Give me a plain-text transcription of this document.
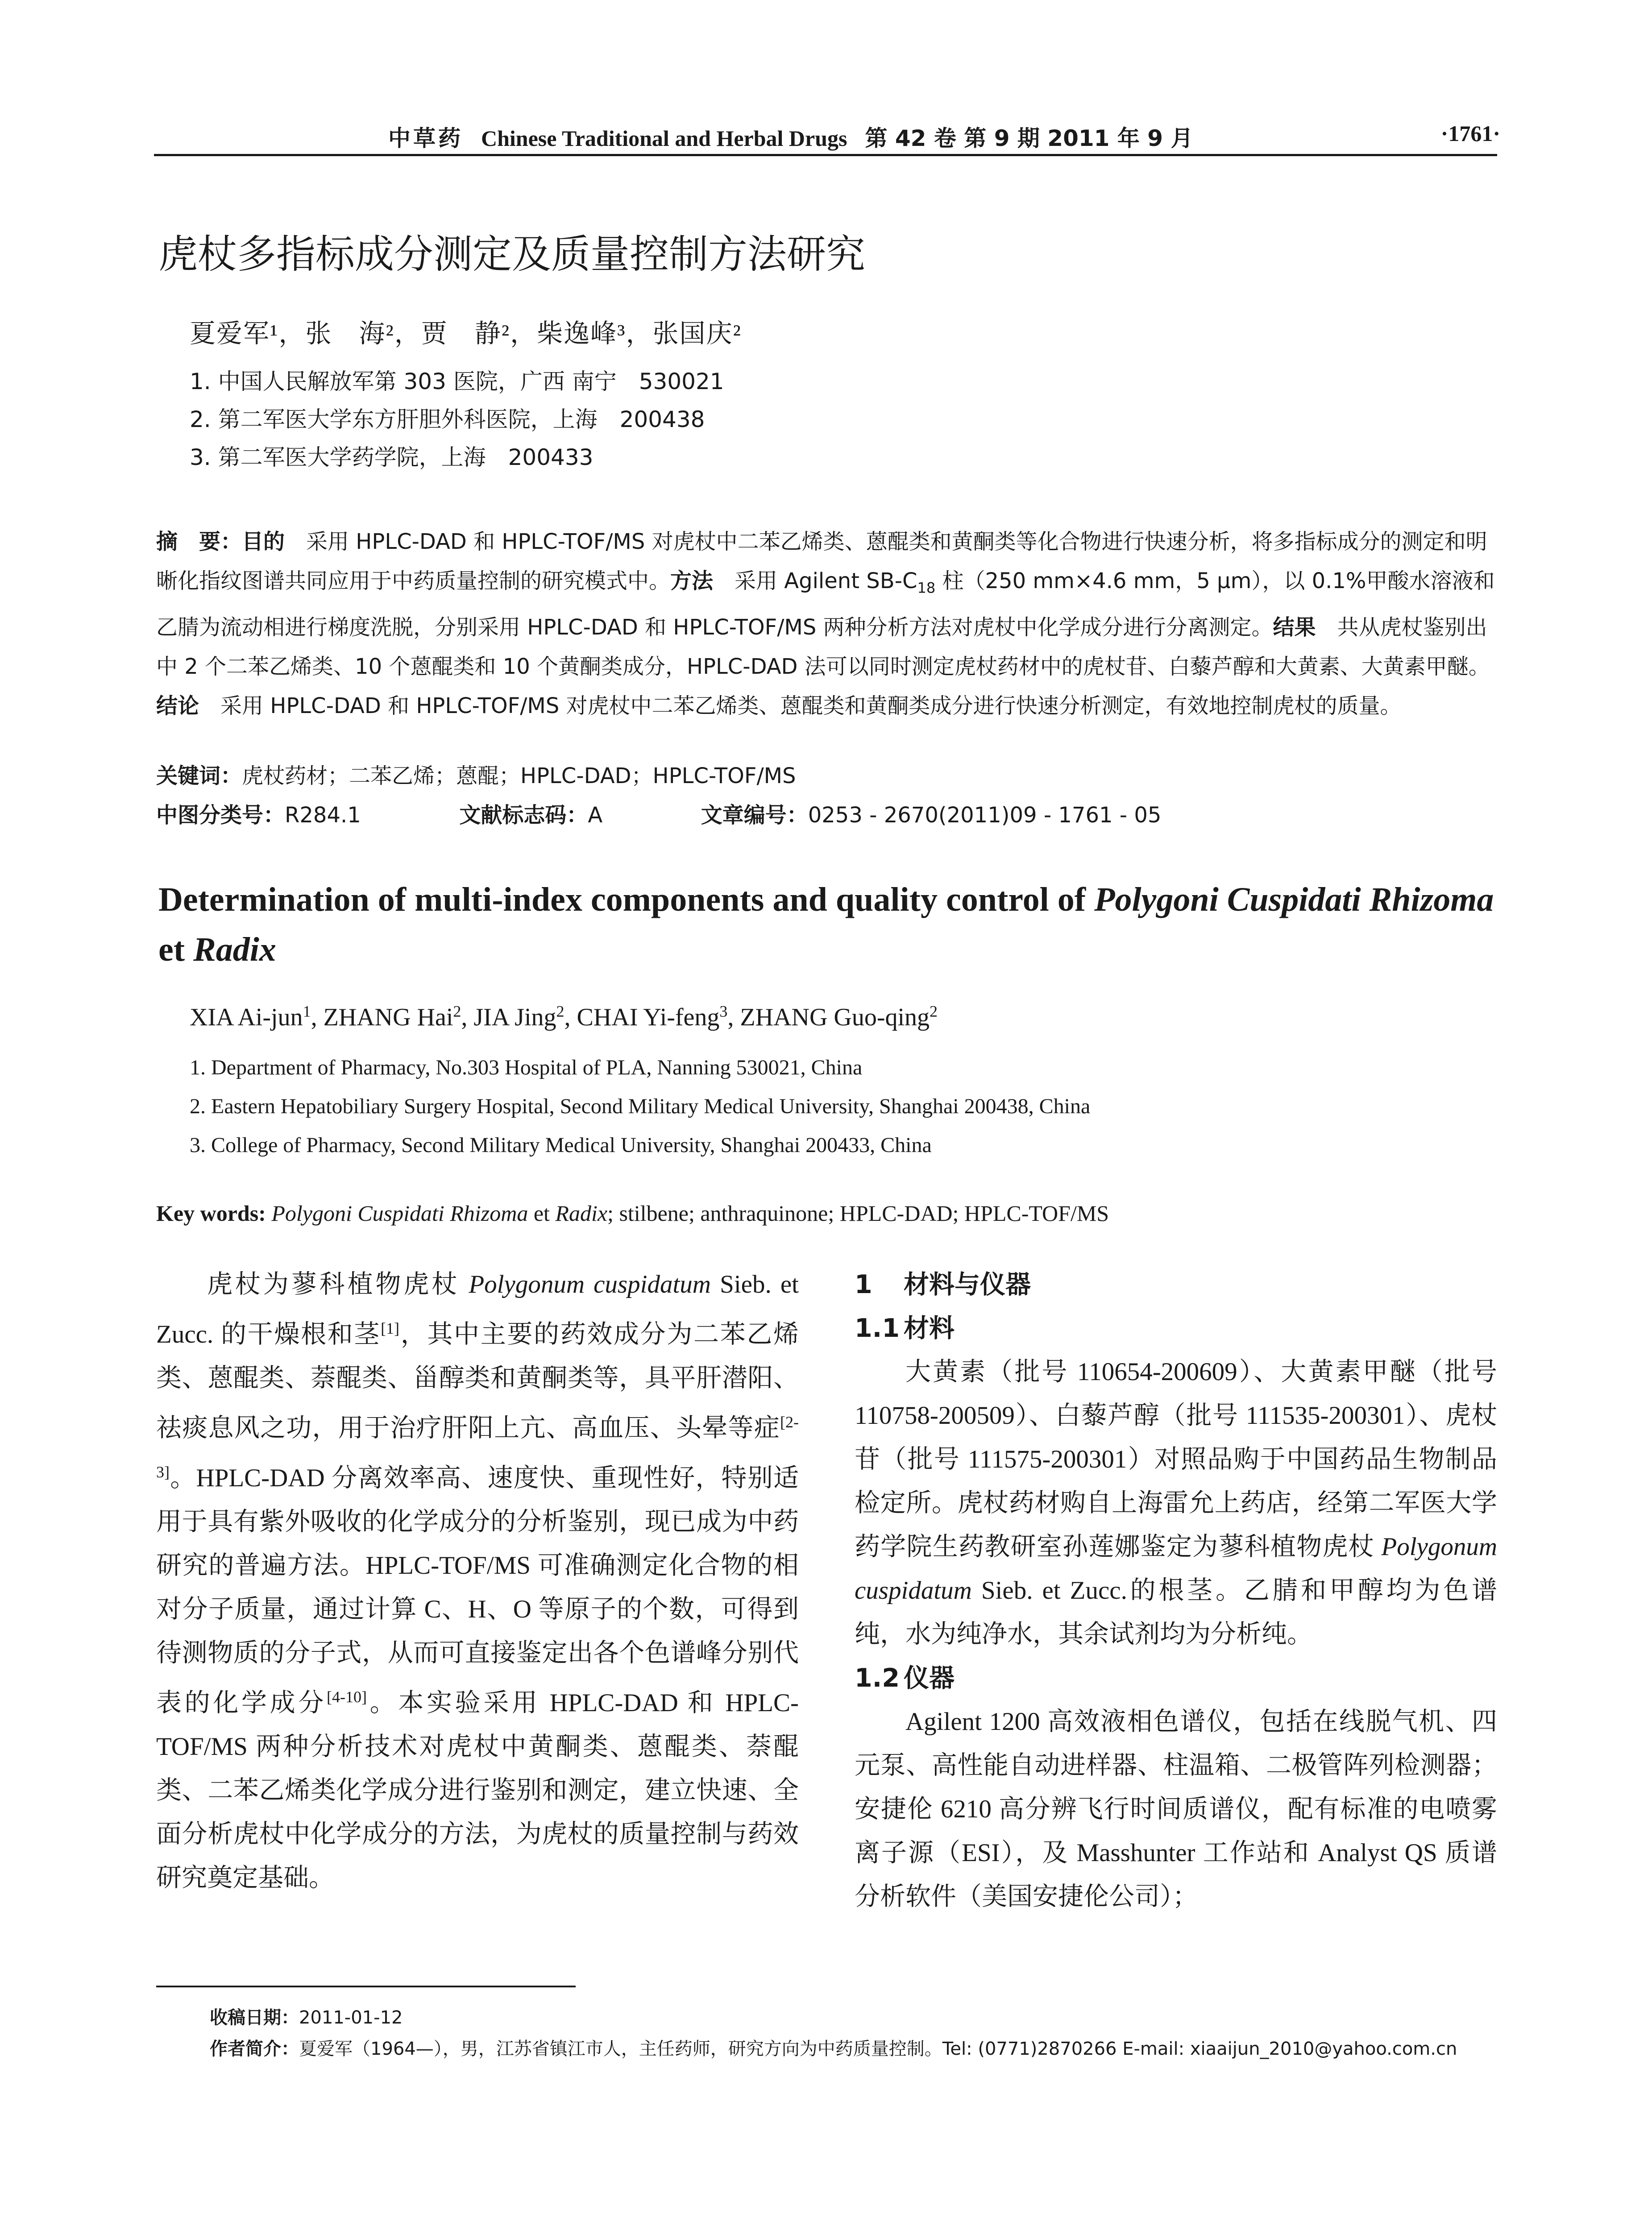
中草药 Chinese Traditional and Herbal Drugs 第 42 卷 第 9 期 2011 年 9 月	·1761·
虎杖多指标成分测定及质量控制方法研究
夏爱军¹，张　海²，贾　静²，柴逸峰³，张国庆²
1. 中国人民解放军第 303 医院，广西 南宁　530021
2. 第二军医大学东方肝胆外科医院，上海　200438
3. 第二军医大学药学院，上海　200433
摘　要：目的　采用 HPLC-DAD 和 HPLC-TOF/MS 对虎杖中二苯乙烯类、蒽醌类和黄酮类等化合物进行快速分析，将多指标成分的测定和明晰化指纹图谱共同应用于中药质量控制的研究模式中。方法　采用 Agilent $SB-C_{18}$ 柱（250 mm×4.6 mm，5 μm），以 0.1%甲酸水溶液和乙腈为流动相进行梯度洗脱，分别采用 HPLC-DAD 和 HPLC-TOF/MS 两种分析方法对虎杖中化学成分进行分离测定。结果　共从虎杖鉴别出中 2 个二苯乙烯类、10 个蒽醌类和 10 个黄酮类成分，HPLC-DAD 法可以同时测定虎杖药材中的虎杖苷、白藜芦醇和大黄素、大黄素甲醚。结论　采用 HPLC-DAD 和 HPLC-TOF/MS 对虎杖中二苯乙烯类、蒽醌类和黄酮类成分进行快速分析测定，有效地控制虎杖的质量。
关键词：虎杖药材；二苯乙烯；蒽醌；HPLC-DAD；HPLC-TOF/MS
中图分类号：R284.1	文献标志码：A	文章编号：0253 - 2670(2011)09 - 1761 - 05
Determination of multi-index components and quality control of Polygoni Cuspidati Rhizoma et Radix
XIA Ai-jun$^1$, ZHANG Hai$^2$, JIA Jing$^2$, CHAI Yi-feng$^3$, ZHANG Guo-qing$^2$
1. Department of Pharmacy, No.303 Hospital of PLA, Nanning 530021, China
2. Eastern Hepatobiliary Surgery Hospital, Second Military Medical University, Shanghai 200438, China
3. College of Pharmacy, Second Military Medical University, Shanghai 200433, China
Key words: Polygoni Cuspidati Rhizoma et Radix; stilbene; anthraquinone; HPLC-DAD; HPLC-TOF/MS

虎杖为蓼科植物虎杖 Polygonum cuspidatum Sieb. et Zucc. 的干燥根和茎[1]，其中主要的药效成分为二苯乙烯类、蒽醌类、萘醌类、甾醇类和黄酮类等，具平肝潜阳、祛痰息风之功，用于治疗肝阳上亢、高血压、头晕等症[2-3]。HPLC-DAD 分离效率高、速度快、重现性好，特别适用于具有紫外吸收的化学成分的分析鉴别，现已成为中药研究的普遍方法。HPLC-TOF/MS 可准确测定化合物的相对分子质量，通过计算 C、H、O 等原子的个数，可得到待测物质的分子式，从而可直接鉴定出各个色谱峰分别代表的化学成分[4-10]。本实验采用 HPLC-DAD 和 HPLC-TOF/MS 两种分析技术对虎杖中黄酮类、蒽醌类、萘醌类、二苯乙烯类化学成分进行鉴别和测定，建立快速、全面分析虎杖中化学成分的方法，为虎杖的质量控制与药效研究奠定基础。

1 材料与仪器

1.1 材料

大黄素（批号 110654-200609）、大黄素甲醚（批号 110758-200509）、白藜芦醇（批号 111535-200301）、虎杖苷（批号 111575-200301）对照品购于中国药品生物制品检定所。虎杖药材购自上海雷允上药店，经第二军医大学药学院生药教研室孙莲娜鉴定为蓼科植物虎杖 Polygonum cuspidatum Sieb. et Zucc.的根茎。乙腈和甲醇均为色谱纯，水为纯净水，其余试剂均为分析纯。

1.2 仪器

Agilent 1200 高效液相色谱仪，包括在线脱气机、四元泵、高性能自动进样器、柱温箱、二极管阵列检测器；安捷伦 6210 高分辨飞行时间质谱仪，配有标准的电喷雾离子源（ESI），及 Masshunter 工作站和 Analyst QS 质谱分析软件（美国安捷伦公司）；

收稿日期：2011-01-12
作者简介：夏爱军（1964—），男，江苏省镇江市人，主任药师，研究方向为中药质量控制。Tel: (0771)2870266 E-mail: xiaaijun_2010@yahoo.com.cn
